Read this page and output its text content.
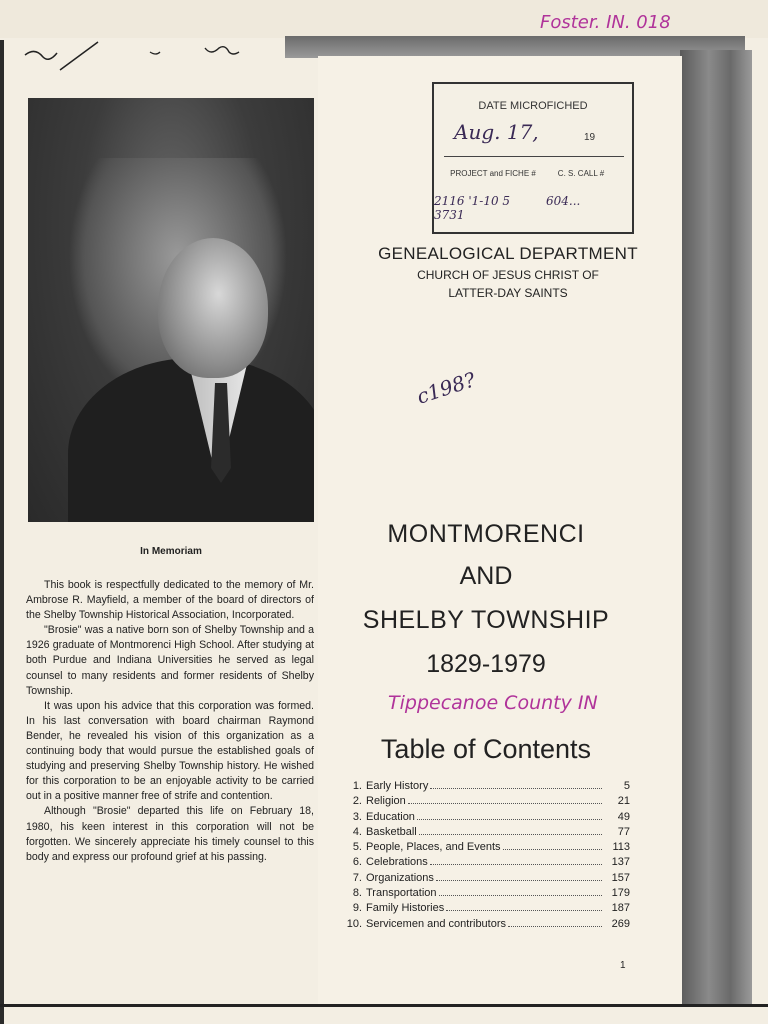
Foster. IN. 018
In Memoriam

This book is respectfully dedicated to the memory of Mr. Ambrose R. Mayfield, a member of the board of directors of the Shelby Township Historical Association, Incorporated.

"Brosie" was a native born son of Shelby Township and a 1926 graduate of Montmorenci High School. After studying at both Purdue and Indiana Universities he served as legal counsel to many residents and former residents of Shelby Township.

It was upon his advice that this corporation was formed. In his last conversation with board chairman Raymond Bender, he revealed his vision of this organization as a continuing body that would pursue the established goals of studying and preserving Shelby Township history. He wished for this corporation to be an enjoyable activity to be carried out in a positive manner free of strife and contention.

Although "Brosie" departed this life on February 18, 1980, his keen interest in this corporation will not be forgotten. We sincerely appreciate his timely counsel to this body and express our profound grief at his passing.

DATE MICROFICHED
Aug. 17,	19
PROJECT and FICHE #	C. S. CALL #
2116 '1-10 5
3731
604...
GENEALOGICAL DEPARTMENT
CHURCH OF JESUS CHRIST OF
LATTER-DAY SAINTS
c198?
MONTMORENCI
AND
SHELBY TOWNSHIP
1829-1979
Tippecanoe County IN
Table of Contents
1. Early History	5
2. Religion	21
3. Education	49
4. Basketball	77
5. People, Places, and Events	113
6. Celebrations	137
7. Organizations	157
8. Transportation	179
9. Family Histories	187
10. Servicemen and contributors	269
1
